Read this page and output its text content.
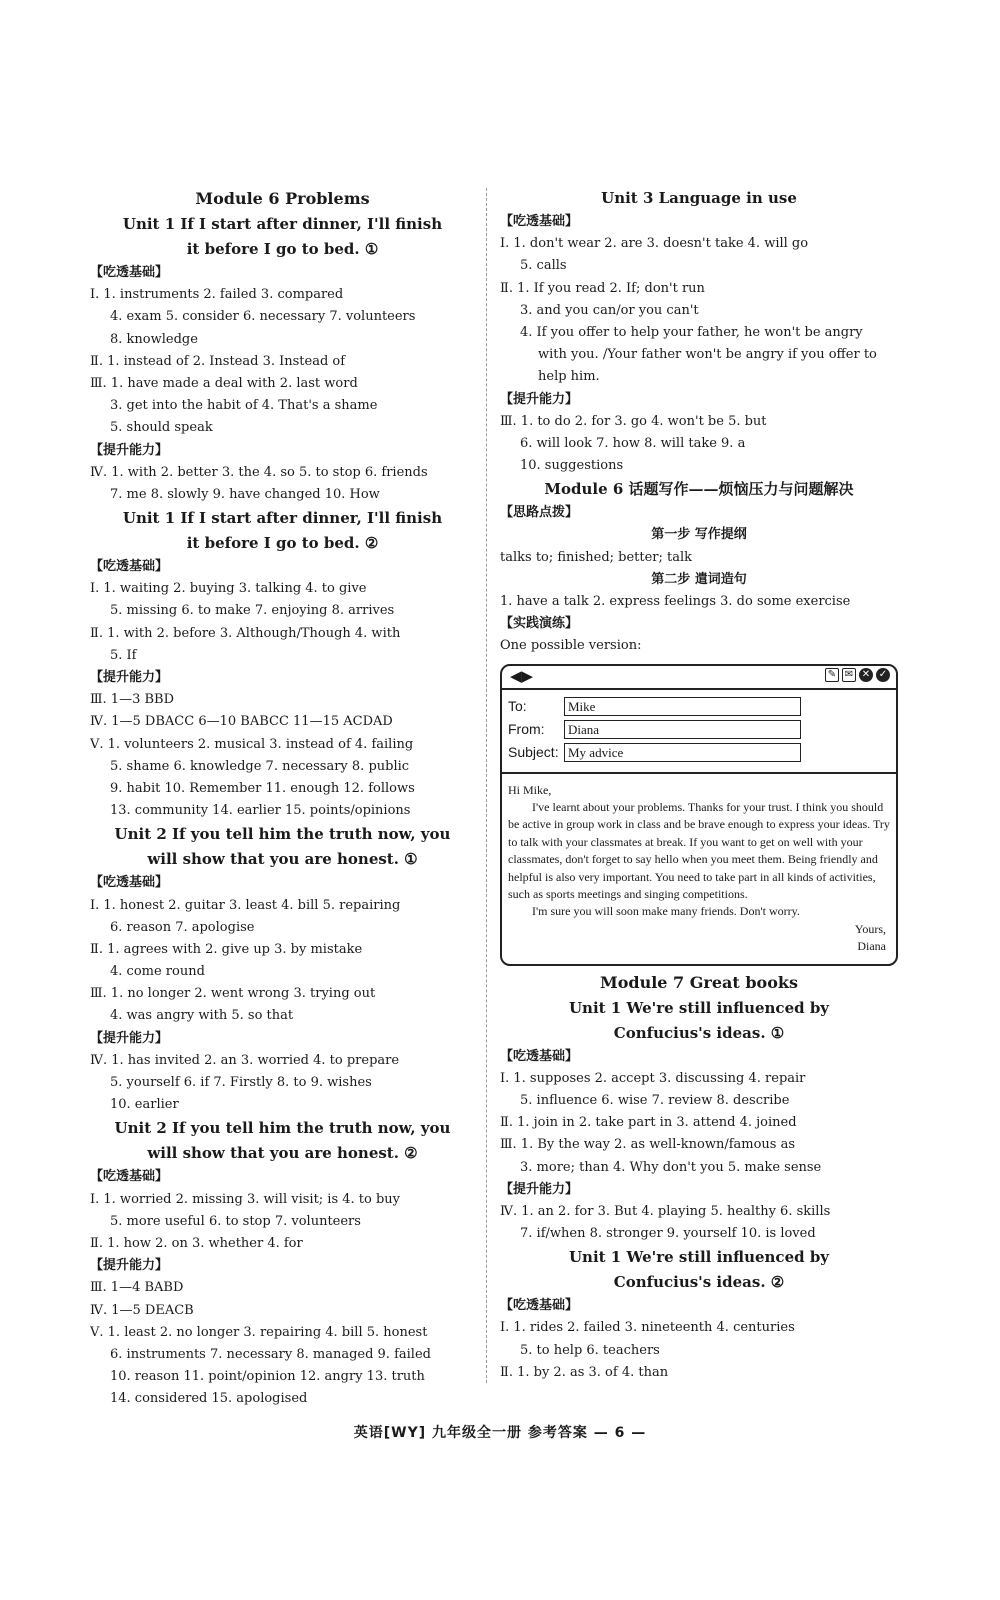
Module 6 Problems
Unit 1 If I start after dinner, I'll finish
it before I go to bed. ①
【吃透基础】
Ⅰ. 1. instruments 2. failed 3. compared
4. exam 5. consider 6. necessary 7. volunteers
8. knowledge
Ⅱ. 1. instead of 2. Instead 3. Instead of
Ⅲ. 1. have made a deal with 2. last word
3. get into the habit of 4. That's a shame
5. should speak
【提升能力】
Ⅳ. 1. with 2. better 3. the 4. so 5. to stop 6. friends
7. me 8. slowly 9. have changed 10. How
Unit 1 If I start after dinner, I'll finish
it before I go to bed. ②
【吃透基础】
Ⅰ. 1. waiting 2. buying 3. talking 4. to give
5. missing 6. to make 7. enjoying 8. arrives
Ⅱ. 1. with 2. before 3. Although/Though 4. with
5. If
【提升能力】
Ⅲ. 1—3 BBD
Ⅳ. 1—5 DBACC 6—10 BABCC 11—15 ACDAD
Ⅴ. 1. volunteers 2. musical 3. instead of 4. failing
5. shame 6. knowledge 7. necessary 8. public
9. habit 10. Remember 11. enough 12. follows
13. community 14. earlier 15. points/opinions
Unit 2 If you tell him the truth now, you
will show that you are honest. ①
【吃透基础】
Ⅰ. 1. honest 2. guitar 3. least 4. bill 5. repairing
6. reason 7. apologise
Ⅱ. 1. agrees with 2. give up 3. by mistake
4. come round
Ⅲ. 1. no longer 2. went wrong 3. trying out
4. was angry with 5. so that
【提升能力】
Ⅳ. 1. has invited 2. an 3. worried 4. to prepare
5. yourself 6. if 7. Firstly 8. to 9. wishes
10. earlier
Unit 2 If you tell him the truth now, you
will show that you are honest. ②
【吃透基础】
Ⅰ. 1. worried 2. missing 3. will visit; is 4. to buy
5. more useful 6. to stop 7. volunteers
Ⅱ. 1. how 2. on 3. whether 4. for
【提升能力】
Ⅲ. 1—4 BABD
Ⅳ. 1—5 DEACB
Ⅴ. 1. least 2. no longer 3. repairing 4. bill 5. honest
6. instruments 7. necessary 8. managed 9. failed
10. reason 11. point/opinion 12. angry 13. truth
14. considered 15. apologised
Unit 3 Language in use
【吃透基础】
Ⅰ. 1. don't wear 2. are 3. doesn't take 4. will go
5. calls
Ⅱ. 1. If you read 2. If; don't run
3. and you can/or you can't
4. If you offer to help your father, he won't be angry
with you. /Your father won't be angry if you offer to
help him.
【提升能力】
Ⅲ. 1. to do 2. for 3. go 4. won't be 5. but
6. will look 7. how 8. will take 9. a
10. suggestions
Module 6 话题写作——烦恼压力与问题解决
【思路点拨】
第一步 写作提纲
talks to; finished; better; talk
第二步 遣词造句
1. have a talk 2. express feelings 3. do some exercise
【实践演练】
One possible version:
◀▶	✎ ✉ ✕ ✓
To:	Mike
From:	Diana
Subject: My advice

Hi Mike,

I've learnt about your problems. Thanks for your trust. I think you should be active in group work in class and be brave enough to express your ideas. Try to talk with your classmates at break. If you want to get on well with your classmates, don't forget to say hello when you meet them. Being friendly and helpful is also very important. You need to take part in all kinds of activities, such as sports meetings and singing competitions.

I'm sure you will soon make many friends. Don't worry.

Yours,

Diana

Module 7 Great books
Unit 1 We're still influenced by
Confucius's ideas. ①
【吃透基础】
Ⅰ. 1. supposes 2. accept 3. discussing 4. repair
5. influence 6. wise 7. review 8. describe
Ⅱ. 1. join in 2. take part in 3. attend 4. joined
Ⅲ. 1. By the way 2. as well-known/famous as
3. more; than 4. Why don't you 5. make sense
【提升能力】
Ⅳ. 1. an 2. for 3. But 4. playing 5. healthy 6. skills
7. if/when 8. stronger 9. yourself 10. is loved
Unit 1 We're still influenced by
Confucius's ideas. ②
【吃透基础】
Ⅰ. 1. rides 2. failed 3. nineteenth 4. centuries
5. to help 6. teachers
Ⅱ. 1. by 2. as 3. of 4. than
英语[WY] 九年级全一册 参考答案 — 6 —
